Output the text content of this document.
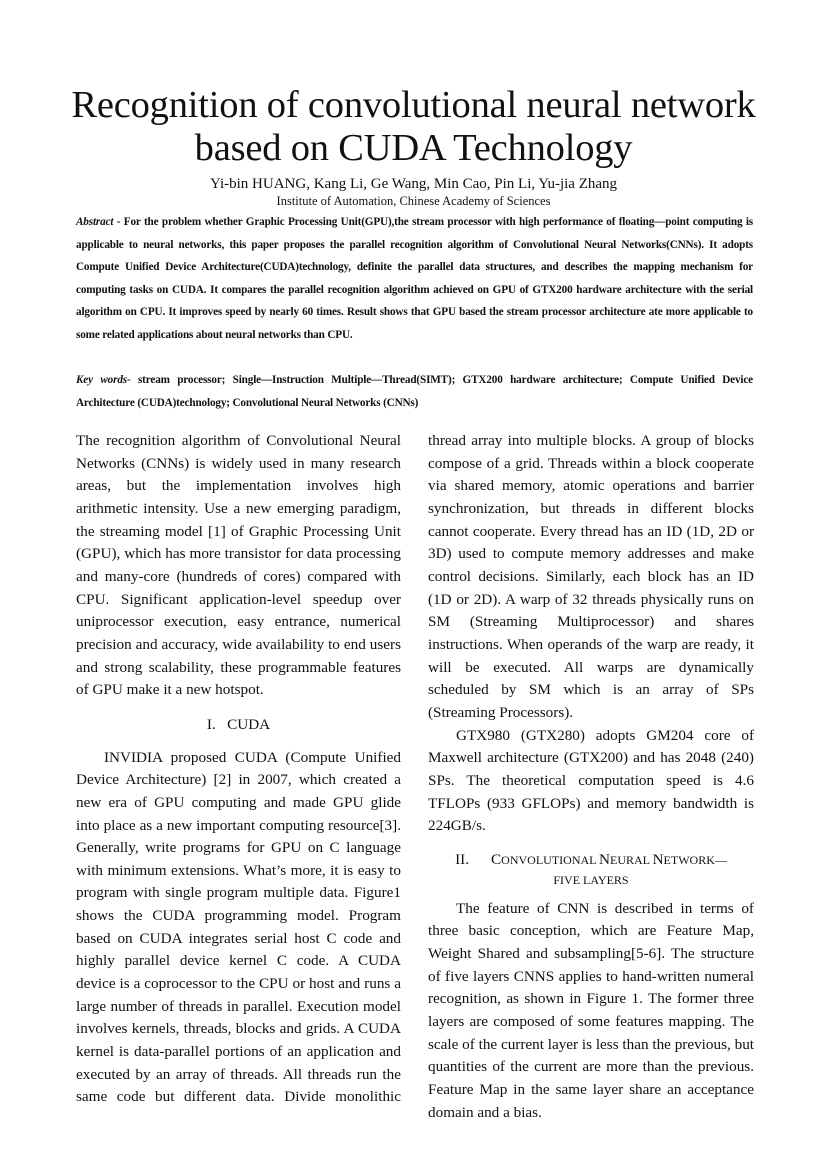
Recognition of convolutional neural network
based on CUDA Technology
Yi-bin HUANG, Kang Li, Ge Wang, Min Cao, Pin Li, Yu-jia Zhang
Institute of Automation, Chinese Academy of Sciences
Abstract - For the problem whether Graphic Processing Unit(GPU),the stream processor with high performance of floating—point computing is applicable to neural networks, this paper proposes the parallel recognition algorithm of Convolutional Neural Networks(CNNs). It adopts Compute Unified Device Architecture(CUDA)technology, definite the parallel data structures, and describes the mapping mechanism for computing tasks on CUDA. It compares the parallel recognition algorithm achieved on GPU of GTX200 hardware architecture with the serial algorithm on CPU. It improves speed by nearly 60 times. Result shows that GPU based the stream processor architecture ate more applicable to some related applications about neural networks than CPU.
Key words- stream processor; Single—Instruction Multiple—Thread(SIMT); GTX200 hardware architecture; Compute Unified Device Architecture (CUDA)technology; Convolutional Neural Networks (CNNs)

The recognition algorithm of Convolutional Neural Networks (CNNs) is widely used in many research areas, but the implementation involves high arithmetic intensity. Use a new emerging paradigm, the streaming model [1] of Graphic Processing Unit (GPU), which has more transistor for data processing and many-core (hundreds of cores) compared with CPU. Significant application-level speedup over uniprocessor execution, easy entrance, numerical precision and accuracy, wide availability to end users and strong scalability, these programmable features of GPU make it a new hotspot.

I.   CUDA

INVIDIA proposed CUDA (Compute Unified Device Architecture) [2] in 2007, which created a new era of GPU computing and made GPU glide into place as a new important computing resource[3]. Generally, write programs for GPU on C language with minimum extensions. What’s more, it is easy to program with single program multiple data. Figure1 shows the CUDA programming model. Program based on CUDA integrates serial host C code and highly parallel device kernel C code. A CUDA device is a coprocessor to the CPU or host and runs a large number of threads in parallel. Execution model involves kernels, threads, blocks and grids. A CUDA kernel is data-parallel portions of an application and executed by an array of threads. All threads run the same code but different data. Divide monolithic

thread array into multiple blocks. A group of blocks compose of a grid. Threads within a block cooperate via shared memory, atomic operations and barrier synchronization, but threads in different blocks cannot cooperate. Every thread has an ID (1D, 2D or 3D) used to compute memory addresses and make control decisions. Similarly, each block has an ID (1D or 2D). A warp of 32 threads physically runs on SM (Streaming Multiprocessor) and shares instructions. When operands of the warp are ready, it will be executed. All warps are dynamically scheduled by SM which is an array of SPs (Streaming Processors).

GTX980 (GTX280) adopts GM204 core of Maxwell architecture (GTX200) and has 2048 (240) SPs. The theoretical computation speed is 4.6 TFLOPs (933 GFLOPs) and memory bandwidth is 224GB/s.

II. CONVOLUTIONAL NEURAL NETWORK—
FIVE LAYERS

The feature of CNN is described in terms of three basic conception, which are Feature Map, Weight Shared and subsampling[5-6]. The structure of five layers CNNS applies to hand-written numeral recognition, as shown in Figure 1. The former three layers are composed of some features mapping. The scale of the current layer is less than the previous, but quantities of the current are more than the previous. Feature Map in the same layer share an acceptance domain and a bias.
